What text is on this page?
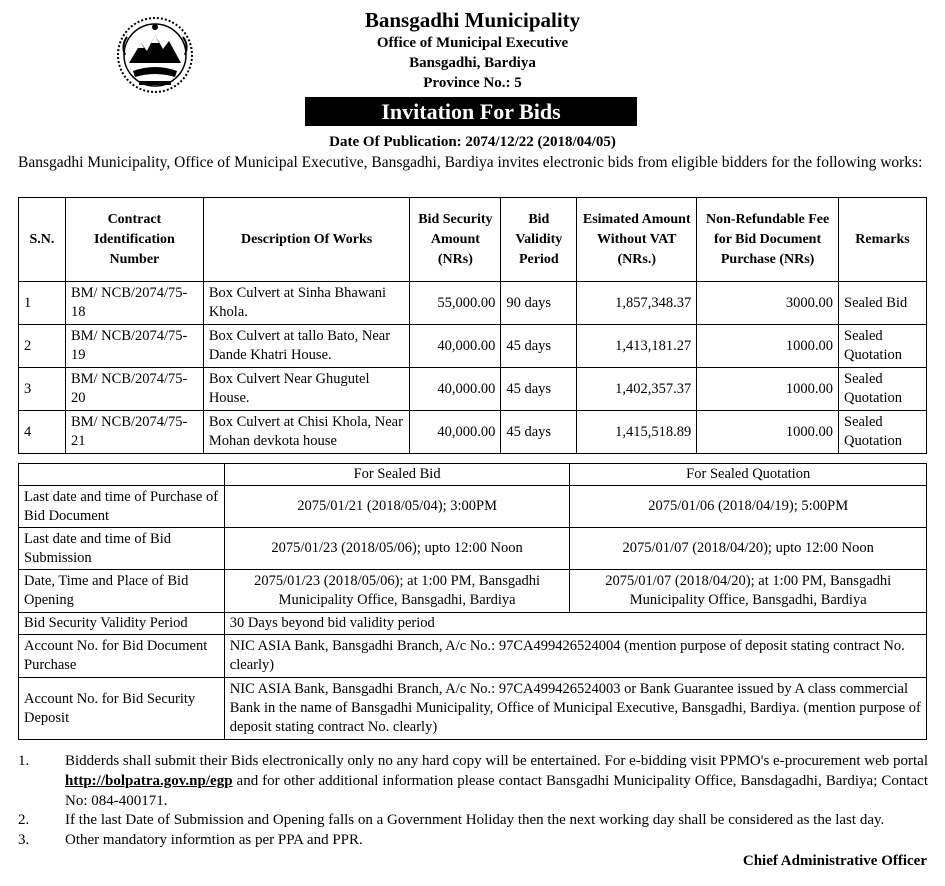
Bansgadhi Municipality
Office of Municipal Executive
Bansgadhi, Bardiya
Province No.: 5
Invitation For Bids
Date Of Publication: 2074/12/22 (2018/04/05)
Bansgadhi Municipality, Office of Municipal Executive, Bansgadhi, Bardiya invites electronic bids from eligible bidders for the following works:
S.N.	Contract Identification Number	Description Of Works	Bid Security Amount (NRs)	Bid Validity Period	Esimated Amount Without VAT (NRs.)	Non-Refundable Fee for Bid Document Purchase (NRs)	Remarks
1	BM/ NCB/2074/75-18	Box Culvert at Sinha Bhawani Khola.	55,000.00	90 days	1,857,348.37	3000.00	Sealed Bid
2	BM/ NCB/2074/75-19	Box Culvert at tallo Bato, Near Dande Khatri House.	40,000.00	45 days	1,413,181.27	1000.00	Sealed Quotation
3	BM/ NCB/2074/75-20	Box Culvert Near Ghugutel House.	40,000.00	45 days	1,402,357.37	1000.00	Sealed Quotation
4	BM/ NCB/2074/75-21	Box Culvert at Chisi Khola, Near Mohan devkota house	40,000.00	45 days	1,415,518.89	1000.00	Sealed Quotation
	For Sealed Bid	For Sealed Quotation
Last date and time of Purchase of Bid Document	2075/01/21 (2018/05/04); 3:00PM	2075/01/06 (2018/04/19); 5:00PM
Last date and time of Bid Submission	2075/01/23 (2018/05/06); upto 12:00 Noon	2075/01/07 (2018/04/20); upto 12:00 Noon
Date, Time and Place of Bid Opening	2075/01/23 (2018/05/06); at 1:00 PM, Bansgadhi Municipality Office, Bansgadhi, Bardiya	2075/01/07 (2018/04/20); at 1:00 PM, Bansgadhi Municipality Office, Bansgadhi, Bardiya
Bid Security Validity Period	30 Days beyond bid validity period	
Account No. for Bid Document Purchase	NIC ASIA Bank, Bansgadhi Branch, A/c No.: 97CA499426524004 (mention purpose of deposit stating contract No. clearly)	
Account No. for Bid Security Deposit	NIC ASIA Bank, Bansgadhi Branch, A/c No.: 97CA499426524003 or Bank Guarantee issued by A class commercial Bank in the name of Bansgadhi Municipality, Office of Municipal Executive, Bansgadhi, Bardiya. (mention purpose of deposit stating contract No. clearly)	
1. Bidderds shall submit their Bids electronically only no any hard copy will be entertained. For e-bidding visit PPMO's e-procurement web portal http://bolpatra.gov.np/egp and for other additional information please contact Bansgadhi Municipality Office, Bansdagadhi, Bardiya; Contact No: 084-400171.
2. If the last Date of Submission and Opening falls on a Government Holiday then the next working day shall be considered as the last day.
3. Other mandatory informtion as per PPA and PPR.
Chief Administrative Officer
